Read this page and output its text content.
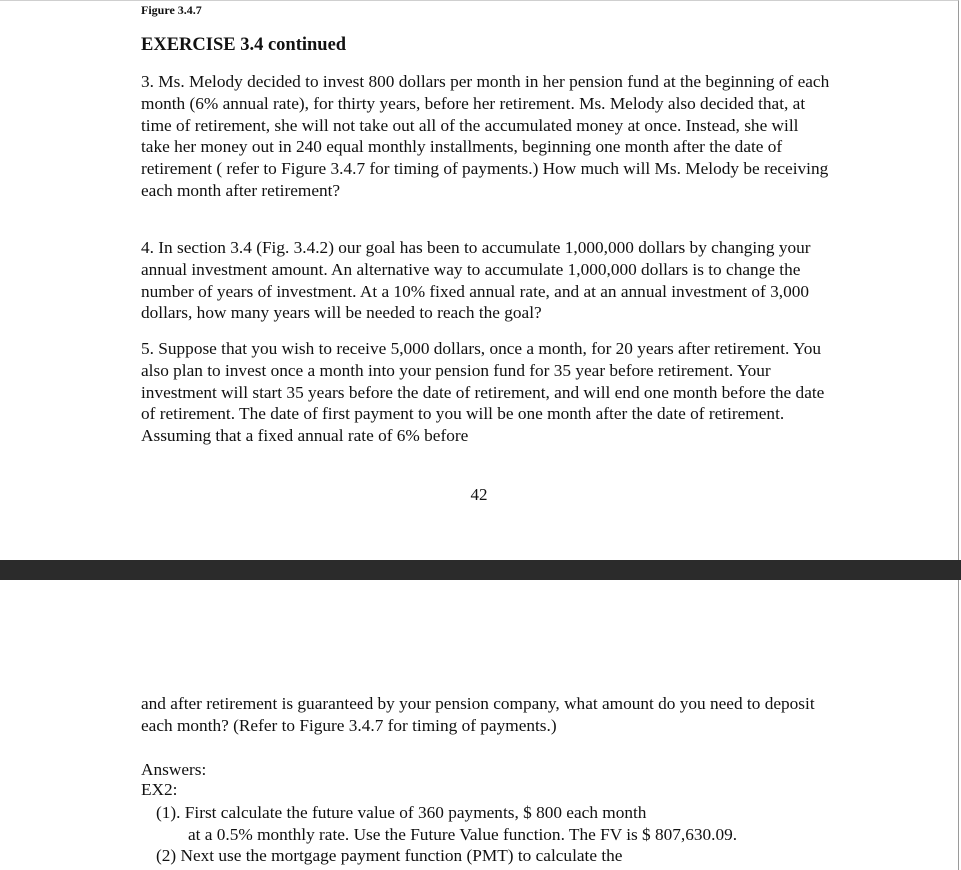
Figure 3.4.7
EXERCISE 3.4 continued

3. Ms. Melody decided to invest 800 dollars per month in her pension fund at the beginning of each month (6% annual rate), for thirty years, before her retirement. Ms. Melody also decided that, at time of retirement, she will not take out all of the accumulated money at once. Instead, she will take her money out in 240 equal monthly installments, beginning one month after the date of retirement ( refer to Figure 3.4.7 for timing of payments.) How much will Ms. Melody be receiving each month after retirement?

4. In section 3.4 (Fig. 3.4.2) our goal has been to accumulate 1,000,000 dollars by changing your annual investment amount. An alternative way to accumulate 1,000,000 dollars is to change the number of years of investment. At a 10% fixed annual rate, and at an annual investment of 3,000 dollars, how many years will be needed to reach the goal?

5. Suppose that you wish to receive 5,000 dollars, once a month, for 20 years after retirement. You also plan to invest once a month into your pension fund for 35 year before retirement. Your investment will start 35 years before the date of retirement, and will end one month before the date of retirement. The date of first payment to you will be one month after the date of retirement. Assuming that a fixed annual rate of 6% before

42

and after retirement is guaranteed by your pension company, what amount do you need to deposit each month? (Refer to Figure 3.4.7 for timing of payments.)

Answers:
EX2:
(1). First calculate the future value of 360 payments, $ 800 each month
at a 0.5% monthly rate. Use the Future Value function. The FV is $ 807,630.09.
(2) Next use the mortgage payment function (PMT) to calculate the
